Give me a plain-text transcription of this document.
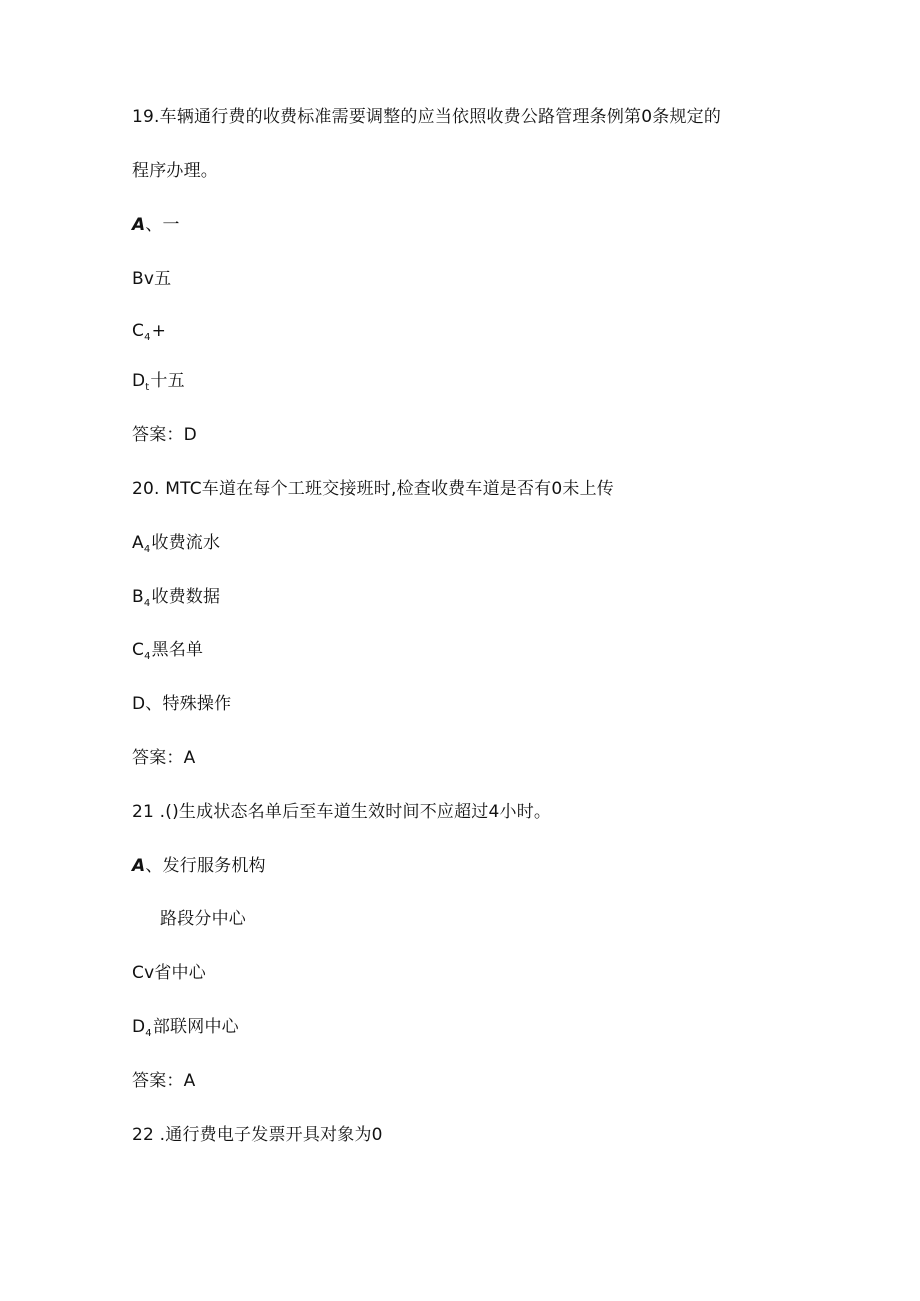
19.车辆通行费的收费标准需要调整的应当依照收费公路管理条例第0条规定的
程序办理。
A、一
Bv五
$C_4+$
$D_t$十五
答案：D
20. MTC车道在每个工班交接班时,检查收费车道是否有0未上传
$A_4$收费流水
$B_4$收费数据
$C_4$黑名单
D、特殊操作
答案：A
21 .()生成状态名单后至车道生效时间不应超过4小时。
A、发行服务机构
路段分中心
Cv省中心
$D_4$部联网中心
答案：A
22 .通行费电子发票开具对象为0
